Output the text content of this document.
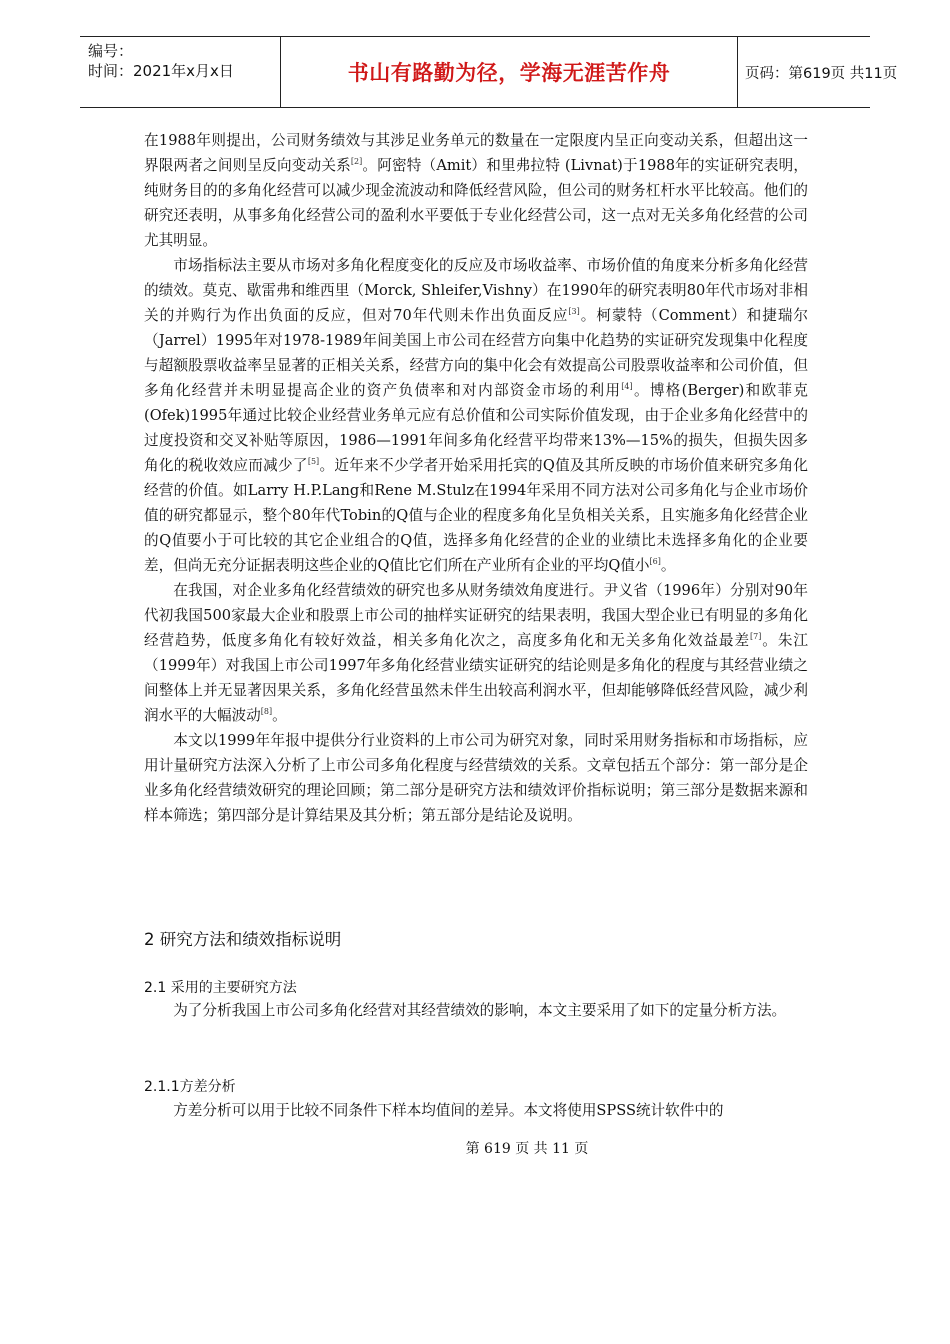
编号：
时间：2021年x月x日	书山有路勤为径，学海无涯苦作舟	页码：第619页 共11页

在1988年则提出，公司财务绩效与其涉足业务单元的数量在一定限度内呈正向变动关系，但超出这一界限两者之间则呈反向变动关系[2]。阿密特（Amit）和里弗拉特 (Livnat)于1988年的实证研究表明，纯财务目的的多角化经营可以减少现金流波动和降低经营风险，但公司的财务杠杆水平比较高。他们的研究还表明，从事多角化经营公司的盈利水平要低于专业化经营公司，这一点对无关多角化经营的公司尤其明显。

市场指标法主要从市场对多角化程度变化的反应及市场收益率、市场价值的角度来分析多角化经营的绩效。莫克、歇雷弗和维西里（Morck, Shleifer,Vishny）在1990年的研究表明80年代市场对非相关的并购行为作出负面的反应，但对70年代则未作出负面反应[3]。柯蒙特（Comment）和捷瑞尔（Jarrel）1995年对1978-1989年间美国上市公司在经营方向集中化趋势的实证研究发现集中化程度与超额股票收益率呈显著的正相关关系，经营方向的集中化会有效提高公司股票收益率和公司价值，但多角化经营并未明显提高企业的资产负债率和对内部资金市场的利用[4]。博格(Berger)和欧菲克(Ofek)1995年通过比较企业经营业务单元应有总价值和公司实际价值发现，由于企业多角化经营中的过度投资和交叉补贴等原因，1986—1991年间多角化经营平均带来13%—15%的损失，但损失因多角化的税收效应而减少了[5]。近年来不少学者开始采用托宾的Q值及其所反映的市场价值来研究多角化经营的价值。如Larry H.P.Lang和Rene M.Stulz在1994年采用不同方法对公司多角化与企业市场价值的研究都显示，整个80年代Tobin的Q值与企业的程度多角化呈负相关关系，且实施多角化经营企业的Q值要小于可比较的其它企业组合的Q值，选择多角化经营的企业的业绩比未选择多角化的企业要差，但尚无充分证据表明这些企业的Q值比它们所在产业所有企业的平均Q值小[6]。

在我国，对企业多角化经营绩效的研究也多从财务绩效角度进行。尹义省（1996年）分别对90年代初我国500家最大企业和股票上市公司的抽样实证研究的结果表明，我国大型企业已有明显的多角化经营趋势，低度多角化有较好效益，相关多角化次之，高度多角化和无关多角化效益最差[7]。朱江（1999年）对我国上市公司1997年多角化经营业绩实证研究的结论则是多角化的程度与其经营业绩之间整体上并无显著因果关系，多角化经营虽然未伴生出较高利润水平，但却能够降低经营风险，减少利润水平的大幅波动[8]。

本文以1999年年报中提供分行业资料的上市公司为研究对象，同时采用财务指标和市场指标，应用计量研究方法深入分析了上市公司多角化程度与经营绩效的关系。文章包括五个部分：第一部分是企业多角化经营绩效研究的理论回顾；第二部分是研究方法和绩效评价指标说明；第三部分是数据来源和样本筛选；第四部分是计算结果及其分析；第五部分是结论及说明。

2 研究方法和绩效指标说明
2.1 采用的主要研究方法

为了分析我国上市公司多角化经营对其经营绩效的影响，本文主要采用了如下的定量分析方法。

2.1.1方差分析

方差分析可以用于比较不同条件下样本均值间的差异。本文将使用SPSS统计软件中的

第 619 页 共 11 页
